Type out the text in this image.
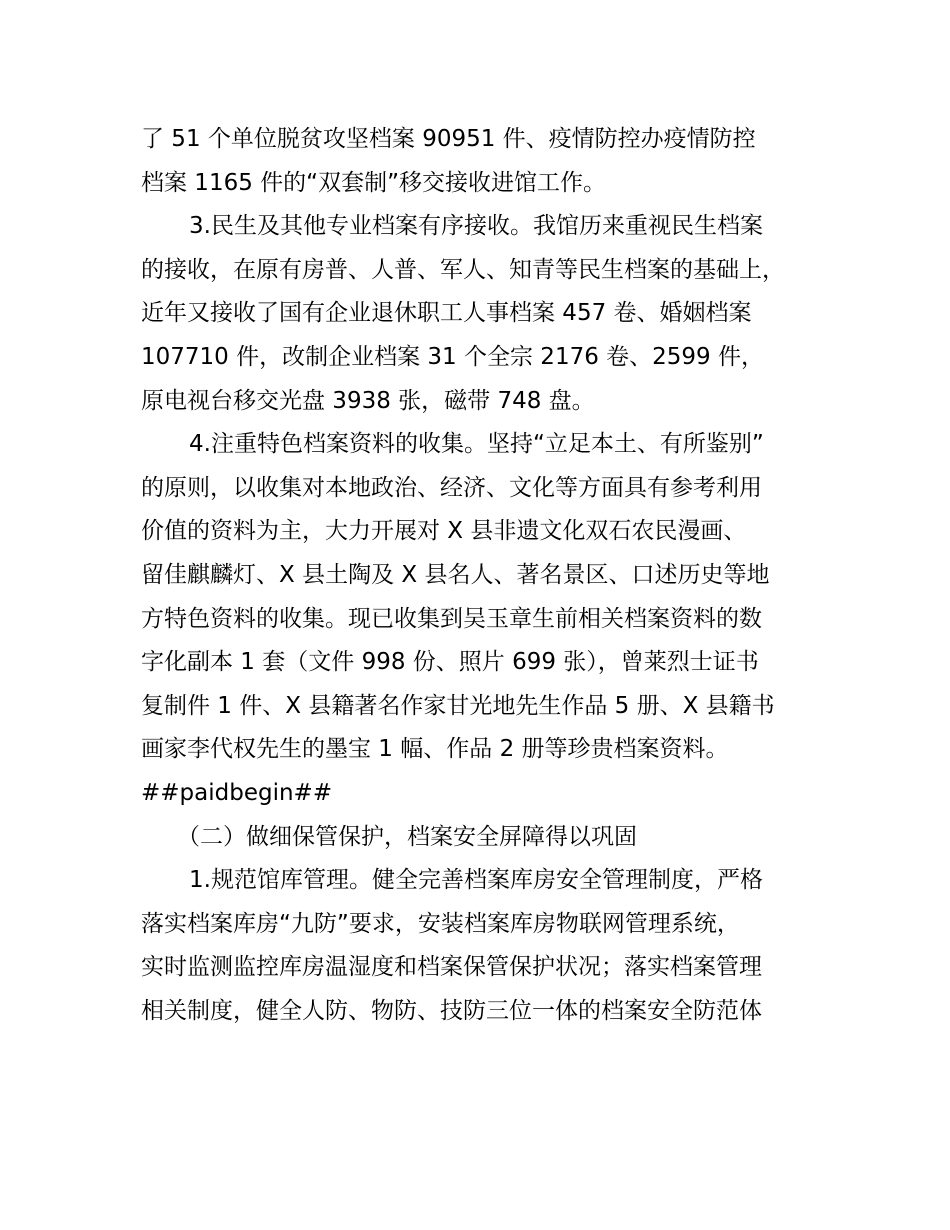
了 51 个单位脱贫攻坚档案 90951 件、疫情防控办疫情防控
档案 1165 件的“双套制”移交接收进馆工作。
3.民生及其他专业档案有序接收。我馆历来重视民生档案
的接收，在原有房普、人普、军人、知青等民生档案的基础上，
近年又接收了国有企业退休职工人事档案 457 卷、婚姻档案
107710 件，改制企业档案 31 个全宗 2176 卷、2599 件，
原电视台移交光盘 3938 张，磁带 748 盘。
4.注重特色档案资料的收集。坚持“立足本土、有所鉴别”
的原则，以收集对本地政治、经济、文化等方面具有参考利用
价值的资料为主，大力开展对 X 县非遗文化双石农民漫画、
留佳麒麟灯、X 县土陶及 X 县名人、著名景区、口述历史等地
方特色资料的收集。现已收集到吴玉章生前相关档案资料的数
字化副本 1 套（文件 998 份、照片 699 张），曾莱烈士证书
复制件 1 件、X 县籍著名作家甘光地先生作品 5 册、X 县籍书
画家李代权先生的墨宝 1 幅、作品 2 册等珍贵档案资料。
##paidbegin##
（二）做细保管保护，档案安全屏障得以巩固
1.规范馆库管理。健全完善档案库房安全管理制度，严格
落实档案库房“九防”要求，安装档案库房物联网管理系统，
实时监测监控库房温湿度和档案保管保护状况；落实档案管理
相关制度，健全人防、物防、技防三位一体的档案安全防范体
